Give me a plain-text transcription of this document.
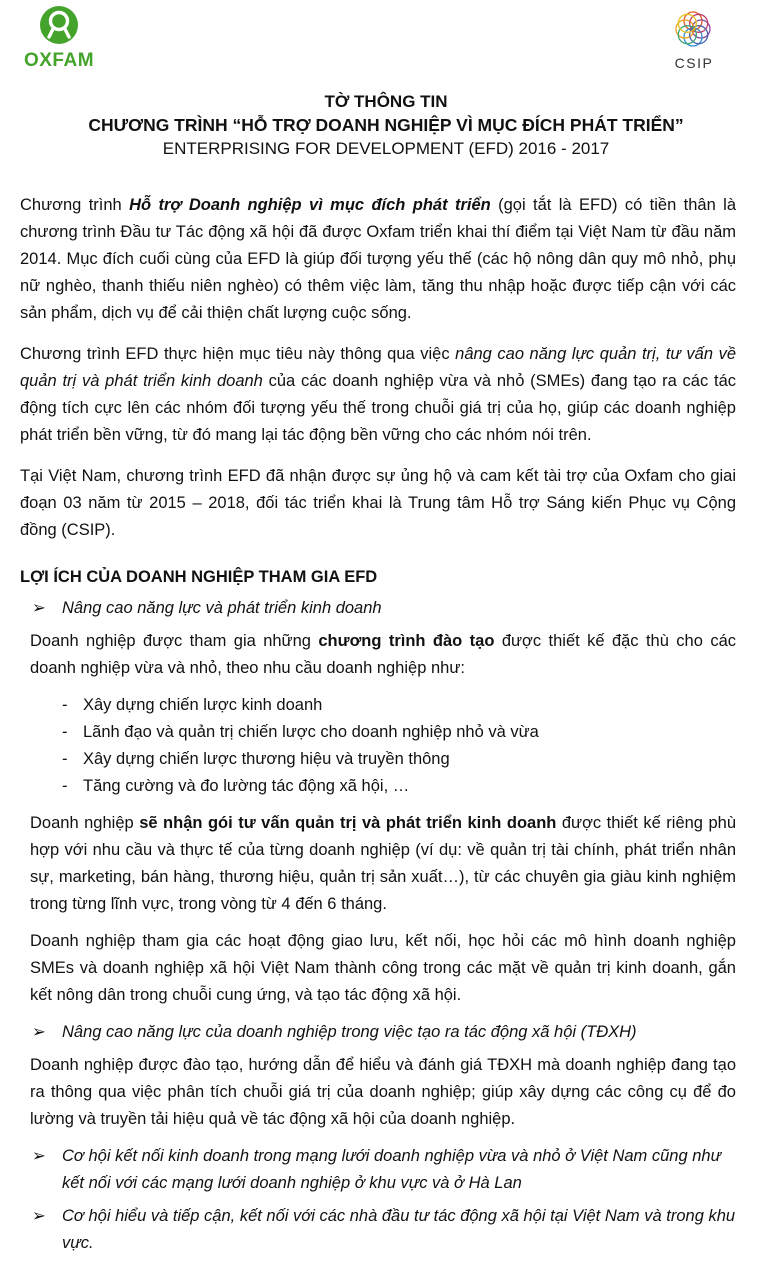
OXFAM	CSIP
TỜ THÔNG TIN
CHƯƠNG TRÌNH “HỖ TRỢ DOANH NGHIỆP VÌ MỤC ĐÍCH PHÁT TRIỂN”
ENTERPRISING FOR DEVELOPMENT (EFD) 2016 - 2017

Chương trình Hỗ trợ Doanh nghiệp vì mục đích phát triển (gọi tắt là EFD) có tiền thân là chương trình Đầu tư Tác động xã hội đã được Oxfam triển khai thí điểm tại Việt Nam từ đầu năm 2014. Mục đích cuối cùng của EFD là giúp đối tượng yếu thế (các hộ nông dân quy mô nhỏ, phụ nữ nghèo, thanh thiếu niên nghèo) có thêm việc làm, tăng thu nhập hoặc được tiếp cận với các sản phẩm, dịch vụ để cải thiện chất lượng cuộc sống.

Chương trình EFD thực hiện mục tiêu này thông qua việc nâng cao năng lực quản trị, tư vấn về quản trị và phát triển kinh doanh của các doanh nghiệp vừa và nhỏ (SMEs) đang tạo ra các tác động tích cực lên các nhóm đối tượng yếu thế trong chuỗi giá trị của họ, giúp các doanh nghiệp phát triển bền vững, từ đó mang lại tác động bền vững cho các nhóm nói trên.

Tại Việt Nam, chương trình EFD đã nhận được sự ủng hộ và cam kết tài trợ của Oxfam cho giai đoạn 03 năm từ 2015 – 2018, đối tác triển khai là Trung tâm Hỗ trợ Sáng kiến Phục vụ Cộng đồng (CSIP).

LỢI ÍCH CỦA DOANH NGHIỆP THAM GIA EFD
➢ Nâng cao năng lực và phát triển kinh doanh

Doanh nghiệp được tham gia những chương trình đào tạo được thiết kế đặc thù cho các doanh nghiệp vừa và nhỏ, theo nhu cầu doanh nghiệp như:

- Xây dựng chiến lược kinh doanh
- Lãnh đạo và quản trị chiến lược cho doanh nghiệp nhỏ và vừa
- Xây dựng chiến lược thương hiệu và truyền thông
- Tăng cường và đo lường tác động xã hội, …

Doanh nghiệp sẽ nhận gói tư vấn quản trị và phát triển kinh doanh được thiết kế riêng phù hợp với nhu cầu và thực tế của từng doanh nghiệp (ví dụ: về quản trị tài chính, phát triển nhân sự, marketing, bán hàng, thương hiệu, quản trị sản xuất…), từ các chuyên gia giàu kinh nghiệm trong từng lĩnh vực, trong vòng từ 4 đến 6 tháng.

Doanh nghiệp tham gia các hoạt động giao lưu, kết nối, học hỏi các mô hình doanh nghiệp SMEs và doanh nghiệp xã hội Việt Nam thành công trong các mặt về quản trị kinh doanh, gắn kết nông dân trong chuỗi cung ứng, và tạo tác động xã hội.

➢ Nâng cao năng lực của doanh nghiệp trong việc tạo ra tác động xã hội (TĐXH)

Doanh nghiệp được đào tạo, hướng dẫn để hiểu và đánh giá TĐXH mà doanh nghiệp đang tạo ra thông qua việc phân tích chuỗi giá trị của doanh nghiệp; giúp xây dựng các công cụ để đo lường và truyền tải hiệu quả về tác động xã hội của doanh nghiệp.

➢ Cơ hội kết nối kinh doanh trong mạng lưới doanh nghiệp vừa và nhỏ ở Việt Nam cũng như kết nối với các mạng lưới doanh nghiệp ở khu vực và ở Hà Lan
➢ Cơ hội hiểu và tiếp cận, kết nối với các nhà đầu tư tác động xã hội tại Việt Nam và trong khu vực.
